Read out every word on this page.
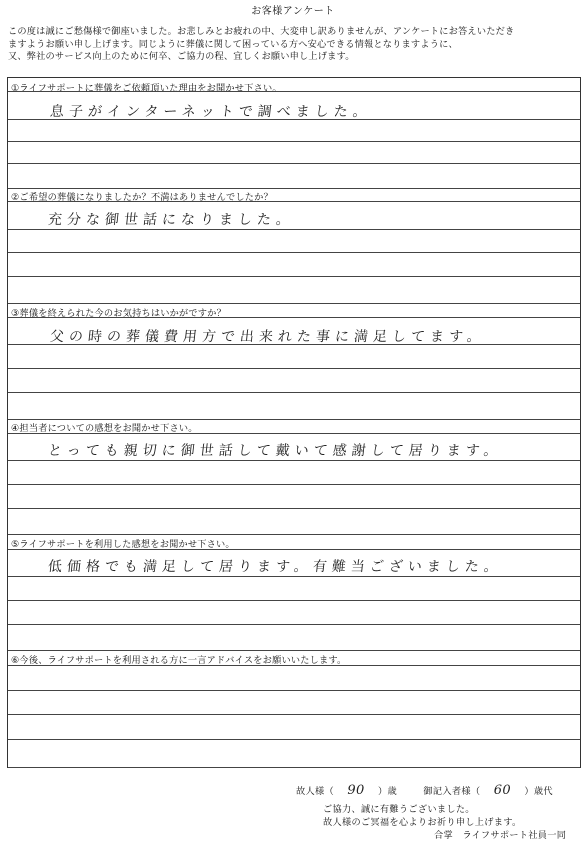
お客様アンケート
この度は誠にご愁傷様で御座いました。お悲しみとお疲れの中、大変申し訳ありませんが、アンケートにお答えいただき
ますようお願い申し上げます。同じように葬儀に関して困っている方へ安心できる情報となりますように、
又、弊社のサービス向上のために何卒、ご協力の程、宜しくお願い申し上げます。
①ライフサポートに葬儀をご依頼頂いた理由をお聞かせ下さい。
息子がインターネットで調べました。
②ご希望の葬儀になりましたか？不満はありませんでしたか？
充分な御世話になりました。
③葬儀を終えられた今のお気持ちはいかがですか？
父の時の葬儀費用方で出来れた事に満足してます。
④担当者についての感想をお聞かせ下さい。
とっても親切に御世話して戴いて感謝して居ります。
⑤ライフサポートを利用した感想をお聞かせ下さい。
低価格でも満足して居ります。有難当ございました。
⑥今後、ライフサポートを利用される方に一言アドバイスをお願いいたします。
故人様（ 90 ）歳	御記入者様（ 60 ）歳代
ご協力、誠に有難うございました。
故人様のご冥福を心よりお祈り申し上げます。
合掌　ライフサポート社員一同
